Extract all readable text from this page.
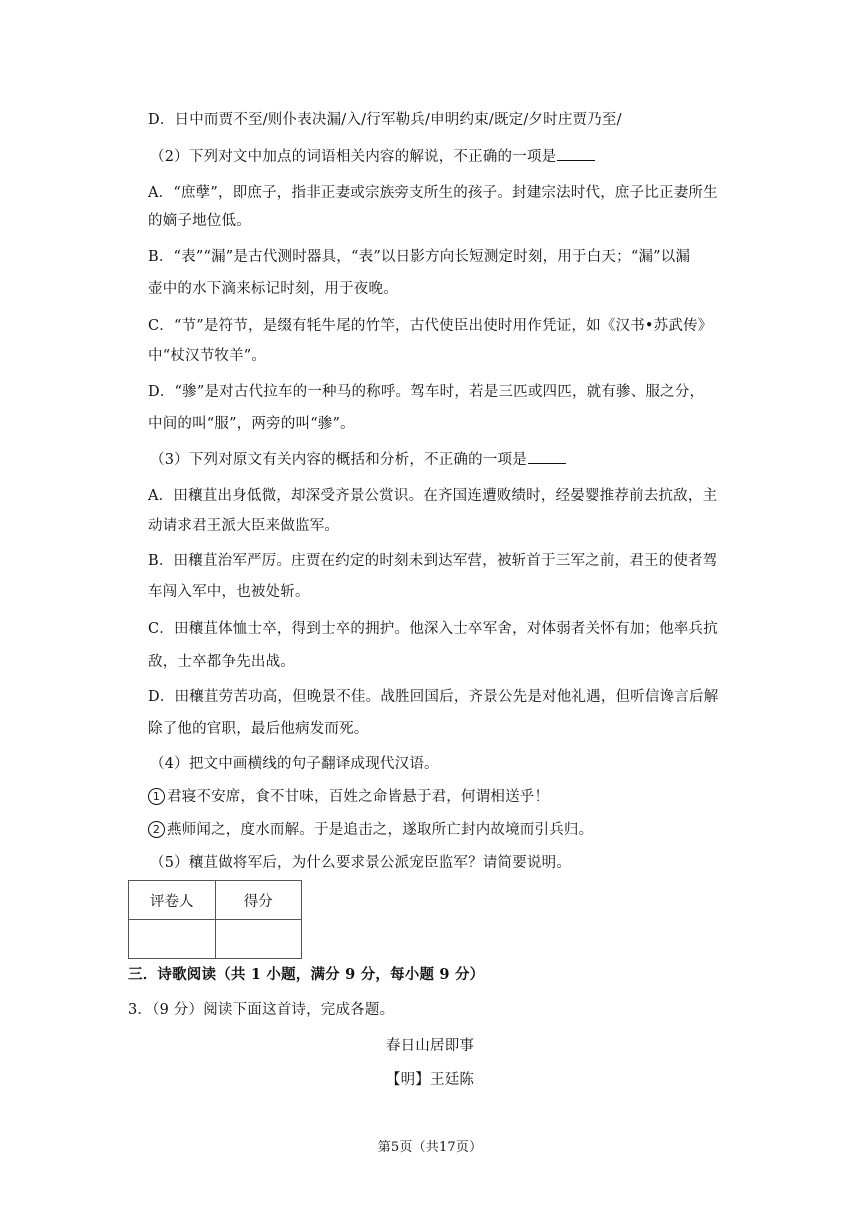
D．日中而贾不至/则仆表决漏/入/行军勒兵/申明约束/既定/夕时庄贾乃至/
（2）下列对文中加点的词语相关内容的解说，不正确的一项是
A．“庶孽”，即庶子，指非正妻或宗族旁支所生的孩子。封建宗法时代，庶子比正妻所生
的嫡子地位低。
B．“表”“漏”是古代测时器具，“表”以日影方向长短测定时刻，用于白天；“漏”以漏
壶中的水下滴来标记时刻，用于夜晚。
C．“节”是符节，是缀有牦牛尾的竹竿，古代使臣出使时用作凭证，如《汉书•苏武传》
中“杖汉节牧羊”。
D．“骖”是对古代拉车的一种马的称呼。驾车时，若是三匹或四匹，就有骖、服之分，
中间的叫“服”，两旁的叫“骖”。
（3）下列对原文有关内容的概括和分析，不正确的一项是
A．田穰苴出身低微，却深受齐景公赏识。在齐国连遭败绩时，经晏婴推荐前去抗敌，主
动请求君王派大臣来做监军。
B．田穰苴治军严厉。庄贾在约定的时刻未到达军营，被斩首于三军之前，君王的使者驾
车闯入军中，也被处斩。
C．田穰苴体恤士卒，得到士卒的拥护。他深入士卒军舍，对体弱者关怀有加；他率兵抗
敌，士卒都争先出战。
D．田穰苴劳苦功高，但晚景不佳。战胜回国后，齐景公先是对他礼遇，但听信谗言后解
除了他的官职，最后他病发而死。
（4）把文中画横线的句子翻译成现代汉语。
1 君寝不安席，食不甘味，百姓之命皆悬于君，何谓相送乎！
2 燕师闻之，度水而解。于是追击之，遂取所亡封内故境而引兵归。
（5）穰苴做将军后，为什么要求景公派宠臣监军？请简要说明。
评卷人	得分

三．诗歌阅读（共 1 小题，满分 9 分，每小题 9 分）
3．（9 分）阅读下面这首诗，完成各题。
春日山居即事
【明】王廷陈
第5页（共17页）
